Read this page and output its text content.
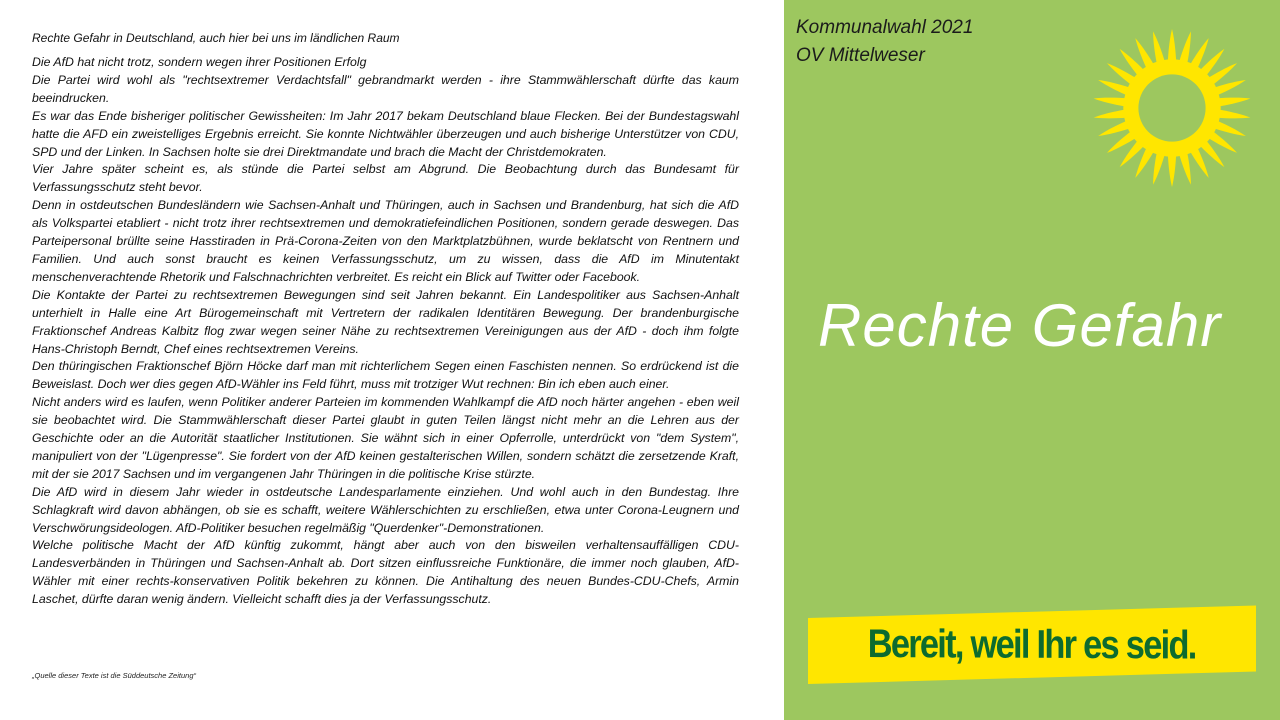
Rechte Gefahr in Deutschland, auch hier bei uns im ländlichen Raum

Die AfD hat nicht trotz, sondern wegen ihrer Positionen Erfolg

Die Partei wird wohl als "rechtsextremer Verdachtsfall" gebrandmarkt werden - ihre Stammwählerschaft dürfte das kaum beeindrucken.

Es war das Ende bisheriger politischer Gewissheiten: Im Jahr 2017 bekam Deutschland blaue Flecken. Bei der Bundestagswahl hatte die AFD ein zweistelliges Ergebnis erreicht. Sie konnte Nichtwähler überzeugen und auch bisherige Unterstützer von CDU, SPD und der Linken. In Sachsen holte sie drei Direktmandate und brach die Macht der Christdemokraten.

Vier Jahre später scheint es, als stünde die Partei selbst am Abgrund. Die Beobachtung durch das Bundesamt für Verfassungsschutz steht bevor.

Denn in ostdeutschen Bundesländern wie Sachsen-Anhalt und Thüringen, auch in Sachsen und Brandenburg, hat sich die AfD als Volkspartei etabliert - nicht trotz ihrer rechtsextremen und demokratiefeindlichen Positionen, sondern gerade deswegen. Das Parteipersonal brüllte seine Hasstiraden in Prä-Corona-Zeiten von den Marktplatzbühnen, wurde beklatscht von Rentnern und Familien. Und auch sonst braucht es keinen Verfassungsschutz, um zu wissen, dass die AfD im Minutentakt menschenverachtende Rhetorik und Falschnachrichten verbreitet. Es reicht ein Blick auf Twitter oder Facebook.

Die Kontakte der Partei zu rechtsextremen Bewegungen sind seit Jahren bekannt. Ein Landespolitiker aus Sachsen-Anhalt unterhielt in Halle eine Art Bürogemeinschaft mit Vertretern der radikalen Identitären Bewegung. Der brandenburgische Fraktionschef Andreas Kalbitz flog zwar wegen seiner Nähe zu rechtsextremen Vereinigungen aus der AfD - doch ihm folgte Hans-Christoph Berndt, Chef eines rechtsextremen Vereins.

Den thüringischen Fraktionschef Björn Höcke darf man mit richterlichem Segen einen Faschisten nennen. So erdrückend ist die Beweislast. Doch wer dies gegen AfD-Wähler ins Feld führt, muss mit trotziger Wut rechnen: Bin ich eben auch einer.

Nicht anders wird es laufen, wenn Politiker anderer Parteien im kommenden Wahlkampf die AfD noch härter angehen - eben weil sie beobachtet wird. Die Stammwählerschaft dieser Partei glaubt in guten Teilen längst nicht mehr an die Lehren aus der Geschichte oder an die Autorität staatlicher Institutionen. Sie wähnt sich in einer Opferrolle, unterdrückt von "dem System", manipuliert von der "Lügenpresse". Sie fordert von der AfD keinen gestalterischen Willen, sondern schätzt die zersetzende Kraft, mit der sie 2017 Sachsen und im vergangenen Jahr Thüringen in die politische Krise stürzte.

Die AfD wird in diesem Jahr wieder in ostdeutsche Landesparlamente einziehen. Und wohl auch in den Bundestag. Ihre Schlagkraft wird davon abhängen, ob sie es schafft, weitere Wählerschichten zu erschließen, etwa unter Corona-Leugnern und Verschwörungsideologen. AfD-Politiker besuchen regelmäßig "Querdenker"-Demonstrationen.

Welche politische Macht der AfD künftig zukommt, hängt aber auch von den bisweilen verhaltensauffälligen CDU-Landesverbänden in Thüringen und Sachsen-Anhalt ab. Dort sitzen einflussreiche Funktionäre, die immer noch glauben, AfD-Wähler mit einer rechts-konservativen Politik bekehren zu können. Die Antihaltung des neuen Bundes-CDU-Chefs, Armin Laschet, dürfte daran wenig ändern. Vielleicht schafft dies ja der Verfassungsschutz.

„Quelle dieser Texte ist die Süddeutsche Zeitung“
Kommunalwahl 2021
OV Mittelweser
Rechte Gefahr
Bereit, weil Ihr es seid.
